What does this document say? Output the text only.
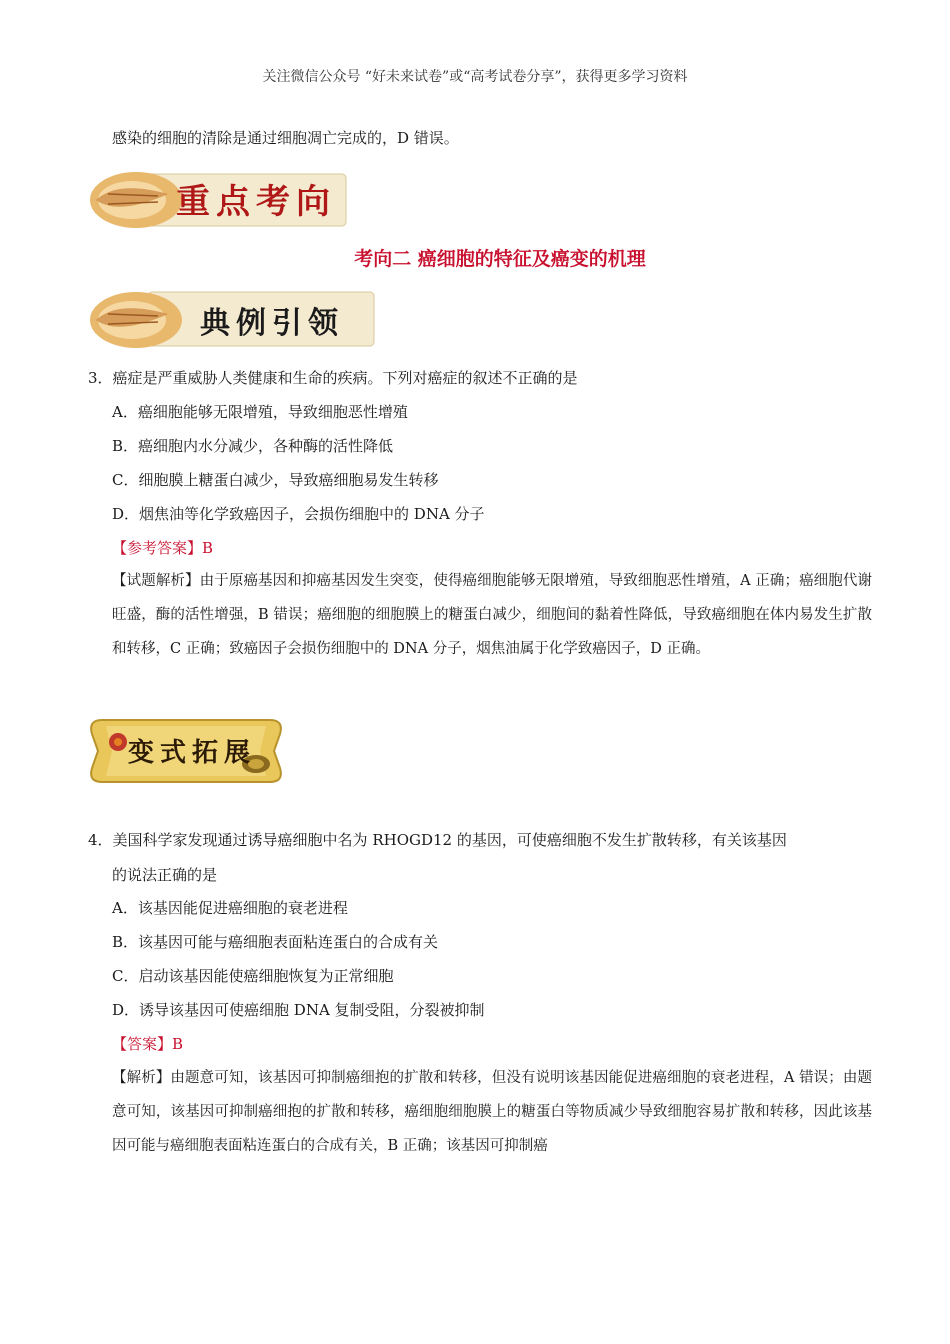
关注微信公众号 “好未来试卷”或“高考试卷分享”，获得更多学习资料
感染的细胞的清除是通过细胞凋亡完成的，D 错误。
重点考向
考向二 癌细胞的特征及癌变的机理
典例引领
3．癌症是严重威胁人类健康和生命的疾病。下列对癌症的叙述不正确的是
A．癌细胞能够无限增殖，导致细胞恶性增殖
B．癌细胞内水分减少，各种酶的活性降低
C．细胞膜上糖蛋白减少，导致癌细胞易发生转移
D．烟焦油等化学致癌因子，会损伤细胞中的 DNA 分子
【参考答案】B
【试题解析】由于原癌基因和抑癌基因发生突变，使得癌细胞能够无限增殖，导致细胞恶性增殖，A 正确；癌细胞代谢旺盛，酶的活性增强，B 错误；癌细胞的细胞膜上的糖蛋白减少，细胞间的黏着性降低，导致癌细胞在体内易发生扩散和转移，C 正确；致癌因子会损伤细胞中的 DNA 分子，烟焦油属于化学致癌因子，D 正确。
变式拓展
4．美国科学家发现通过诱导癌细胞中名为 RHOGD12 的基因，可使癌细胞不发生扩散转移，有关该基因
的说法正确的是
A．该基因能促进癌细胞的衰老进程
B．该基因可能与癌细胞表面粘连蛋白的合成有关
C．启动该基因能使癌细胞恢复为正常细胞
D．诱导该基因可使癌细胞 DNA 复制受阻，分裂被抑制
【答案】B
【解析】由题意可知，该基因可抑制癌细抱的扩散和转移，但没有说明该基因能促进癌细胞的衰老进程，A 错误；由题意可知，该基因可抑制癌细抱的扩散和转移，癌细胞细胞膜上的糖蛋白等物质减少导致细胞容易扩散和转移，因此该基因可能与癌细胞表面粘连蛋白的合成有关，B 正确；该基因可抑制癌
